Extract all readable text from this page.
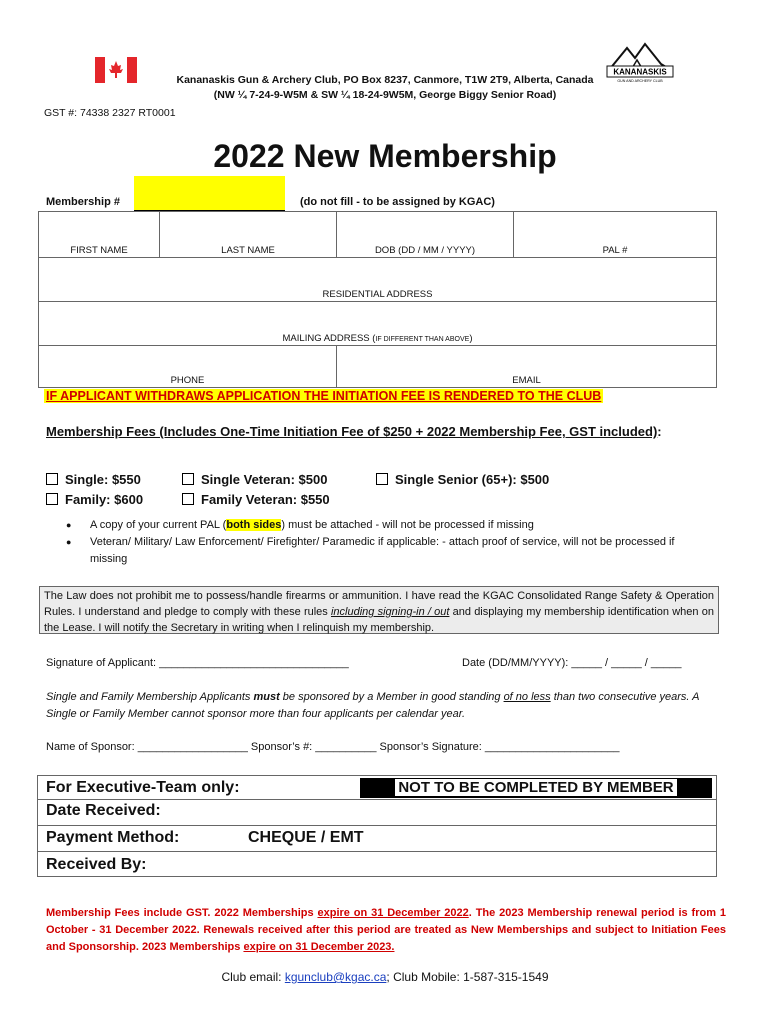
KANANASKIS
GUN AND ARCHERY CLUB
Kananaskis Gun & Archery Club, PO Box 8237, Canmore, T1W 2T9, Alberta, Canada
(NW ¼ 7-24-9-W5M & SW ¼ 18-24-9W5M, George Biggy Senior Road)
GST #: 74338 2327 RT0001
2022 New Membership
Membership #	(do not fill - to be assigned by KGAC)
FIRST NAME	LAST NAME	DOB (DD / MM / YYYY)	PAL #
RESIDENTIAL ADDRESS			
MAILING ADDRESS (IF DIFFERENT THAN ABOVE)			
PHONE		EMAIL	
IF APPLICANT WITHDRAWS APPLICATION THE INITIATION FEE IS RENDERED TO THE CLUB
Membership Fees (Includes One-Time Initiation Fee of $250 + 2022 Membership Fee, GST included):
Single: $550	Single Veteran: $500	Single Senior (65+): $500
Family: $600	Family Veteran: $550
● A copy of your current PAL (both sides) must be attached - will not be processed if missing
● Veteran/ Military/ Law Enforcement/ Firefighter/ Paramedic if applicable: - attach proof of service, will not be processed if missing
The Law does not prohibit me to possess/handle firearms or ammunition. I have read the KGAC Consolidated Range Safety & Operation Rules. I understand and pledge to comply with these rules including signing-in / out and displaying my membership identification when on the Lease. I will notify the Secretary in writing when I relinquish my membership.
Signature of Applicant: _______________________________	Date (DD/MM/YYYY): _____ / _____ / _____
Single and Family Membership Applicants must be sponsored by a Member in good standing of no less than two consecutive years. A Single or Family Member cannot sponsor more than four applicants per calendar year.
Name of Sponsor: __________________ Sponsor’s #: __________ Sponsor’s Signature: ______________________
For Executive-Team only:	NOT TO BE COMPLETED BY MEMBER
Date Received:
Payment Method:	CHEQUE / EMT
Received By:
Membership Fees include GST. 2022 Memberships expire on 31 December 2022. The 2023 Membership renewal period is from 1 October - 31 December 2022. Renewals received after this period are treated as New Memberships and subject to Initiation Fees and Sponsorship. 2023 Memberships expire on 31 December 2023.
Club email: kgunclub@kgac.ca; Club Mobile: 1-587-315-1549
